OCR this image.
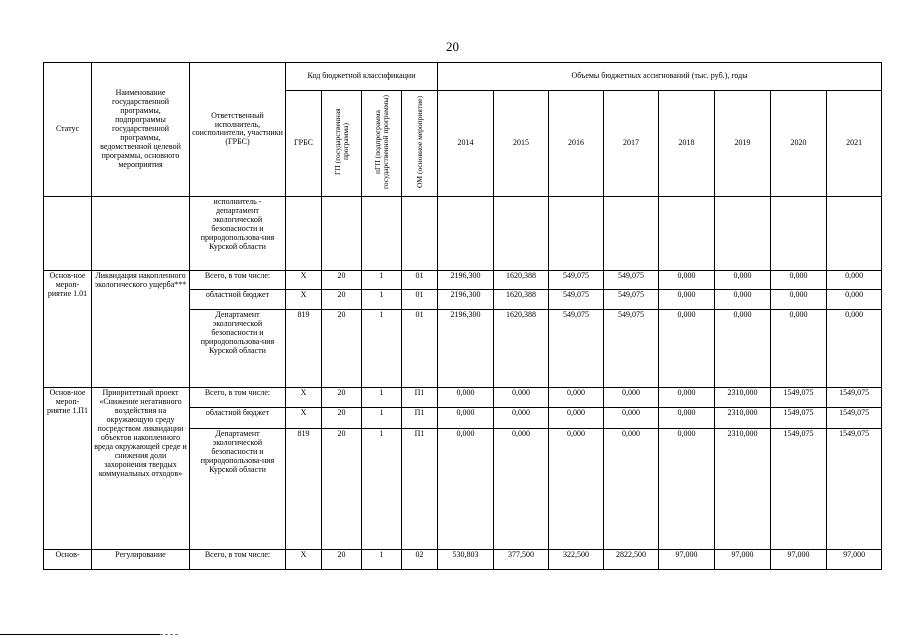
20
Статус	Наименование государственной программы, подпрограммы государственной программы, ведомственной целевой программы, основного мероприятия	Ответственный исполнитель, соисполнители, участники (ГРБС)	Код бюджетной классификации				Объемы бюджетных ассигнований (тыс. руб.), годы							
			ГРБС	ГП (государственная программа)	пГП (подпрограмма государственной программы)	ОМ (основное мероприятие)	2014	2015	2016	2017	2018	2019	2020	2021
		исполнитель - департамент экологической безопасности и природопользова-ния Курской области												
Основ-ное мероп-риятие 1.01	Ликвидация накопленного экологического ущерба***	Всего, в том числе:	Х	20	1	01	2196,300	1620,388	549,075	549,075	0,000	0,000	0,000	0,000
		областной бюджет	Х	20	1	01	2196,300	1620,388	549,075	549,075	0,000	0,000	0,000	0,000
		Департамент экологической безопасности и природопользова-ния Курской области	819	20	1	01	2196,300	1620,388	549,075	549,075	0,000	0,000	0,000	0,000
Основ-ное мероп-риятие 1.П1	Приоритетный проект «Снижение негативного воздействия на окружающую среду посредством ликвидации объектов накопленного вреда окружающей среде и снижения доли захоронения твердых коммунальных отходов»	Всего, в том числе:	Х	20	1	П1	0,000	0,000	0,000	0,000	0,000	2310,000	1549,075	1549,075
		областной бюджет	Х	20	1	П1	0,000	0,000	0,000	0,000	0,000	2310,000	1549,075	1549,075
		Департамент экологической безопасности и природопользова-ния Курской области	819	20	1	П1	0,000	0,000	0,000	0,000	0,000	2310,000	1549,075	1549,075
Основ-	Регулирование	Всего, в том числе:	Х	20	1	02	530,803	377,500	322,500	2822,500	97,000	97,000	97,000	97,000
